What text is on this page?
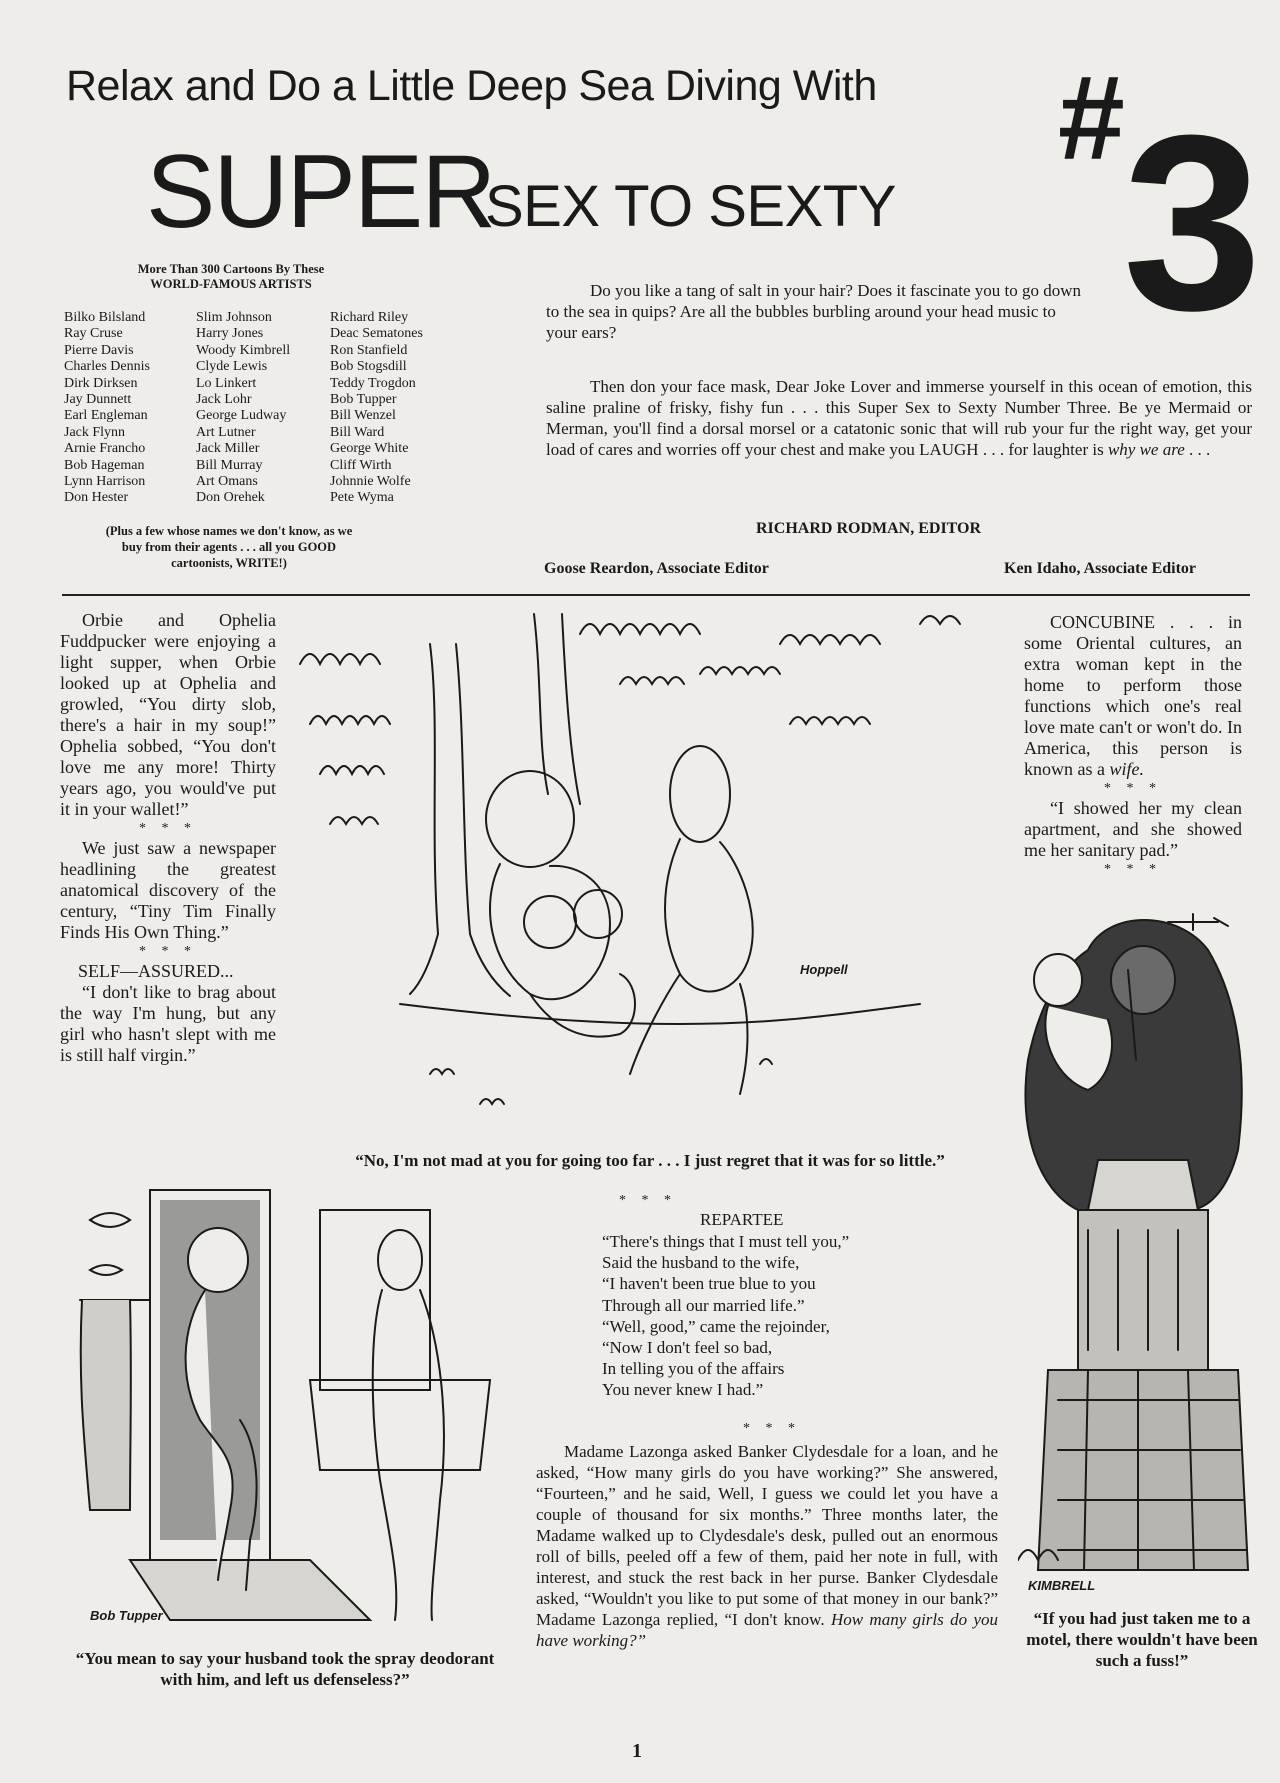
Relax and Do a Little Deep Sea Diving With
SUPER
SEX TO SEXTY
#3
More Than 300 Cartoons By These
WORLD-FAMOUS ARTISTS
Bilko Bilsland
Ray Cruse
Pierre Davis
Charles Dennis
Dirk Dirksen
Jay Dunnett
Earl Engleman
Jack Flynn
Arnie Francho
Bob Hageman
Lynn Harrison
Don Hester
Slim Johnson
Harry Jones
Woody Kimbrell
Clyde Lewis
Lo Linkert
Jack Lohr
George Ludway
Art Lutner
Jack Miller
Bill Murray
Art Omans
Don Orehek
Richard Riley
Deac Sematones
Ron Stanfield
Bob Stogsdill
Teddy Trogdon
Bob Tupper
Bill Wenzel
Bill Ward
George White
Cliff Wirth
Johnnie Wolfe
Pete Wyma
(Plus a few whose names we don't know, as we buy from their agents . . . all you GOOD cartoonists, WRITE!)
Do you like a tang of salt in your hair? Does it fascinate you to go down to the sea in quips? Are all the bubbles burbling around your head music to your ears?
Then don your face mask, Dear Joke Lover and immerse yourself in this ocean of emotion, this saline praline of frisky, fishy fun . . . this Super Sex to Sexty Number Three. Be ye Mermaid or Merman, you'll find a dorsal morsel or a catatonic sonic that will rub your fur the right way, get your load of cares and worries off your chest and make you LAUGH . . . for laughter is why we are . . .
RICHARD RODMAN, EDITOR
Goose Reardon, Associate Editor	Ken Idaho, Associate Editor

Orbie and Ophelia Fuddpucker were enjoying a light supper, when Orbie looked up at Ophelia and growled, “You dirty slob, there's a hair in my soup!” Ophelia sobbed, “You don't love me any more! Thirty years ago, you would've put it in your wallet!”

* * *

We just saw a newspaper headlining the greatest anatomical discovery of the century, “Tiny Tim Finally Finds His Own Thing.”

* * *

SELF—ASSURED...

“I don't like to brag about the way I'm hung, but any girl who hasn't slept with me is still half virgin.”

CONCUBINE . . . in some Oriental cultures, an extra woman kept in the home to perform those functions which one's real love mate can't or won't do. In America, this person is known as a wife.

* * *

“I showed her my clean apartment, and she showed me her sanitary pad.”

* * *
Hoppell
“No, I'm not mad at you for going too far . . . I just regret that it was for so little.”
Bob Tupper
“You mean to say your husband took the spray deodorant with him, and left us defenseless?”
* * *
REPARTEE
“There's things that I must tell you,”
Said the husband to the wife,
“I haven't been true blue to you
Through all our married life.”
“Well, good,” came the rejoinder,
“Now I don't feel so bad,
In telling you of the affairs
You never knew I had.”
* * *
Madame Lazonga asked Banker Clydesdale for a loan, and he asked, “How many girls do you have working?” She answered, “Fourteen,” and he said, Well, I guess we could let you have a couple of thousand for six months.” Three months later, the Madame walked up to Clydesdale's desk, pulled out an enormous roll of bills, peeled off a few of them, paid her note in full, with interest, and stuck the rest back in her purse. Banker Clydesdale asked, “Wouldn't you like to put some of that money in our bank?” Madame Lazonga replied, “I don't know. How many girls do you have working?”
KIMBRELL
“If you had just taken me to a motel, there wouldn't have been such a fuss!”
1
